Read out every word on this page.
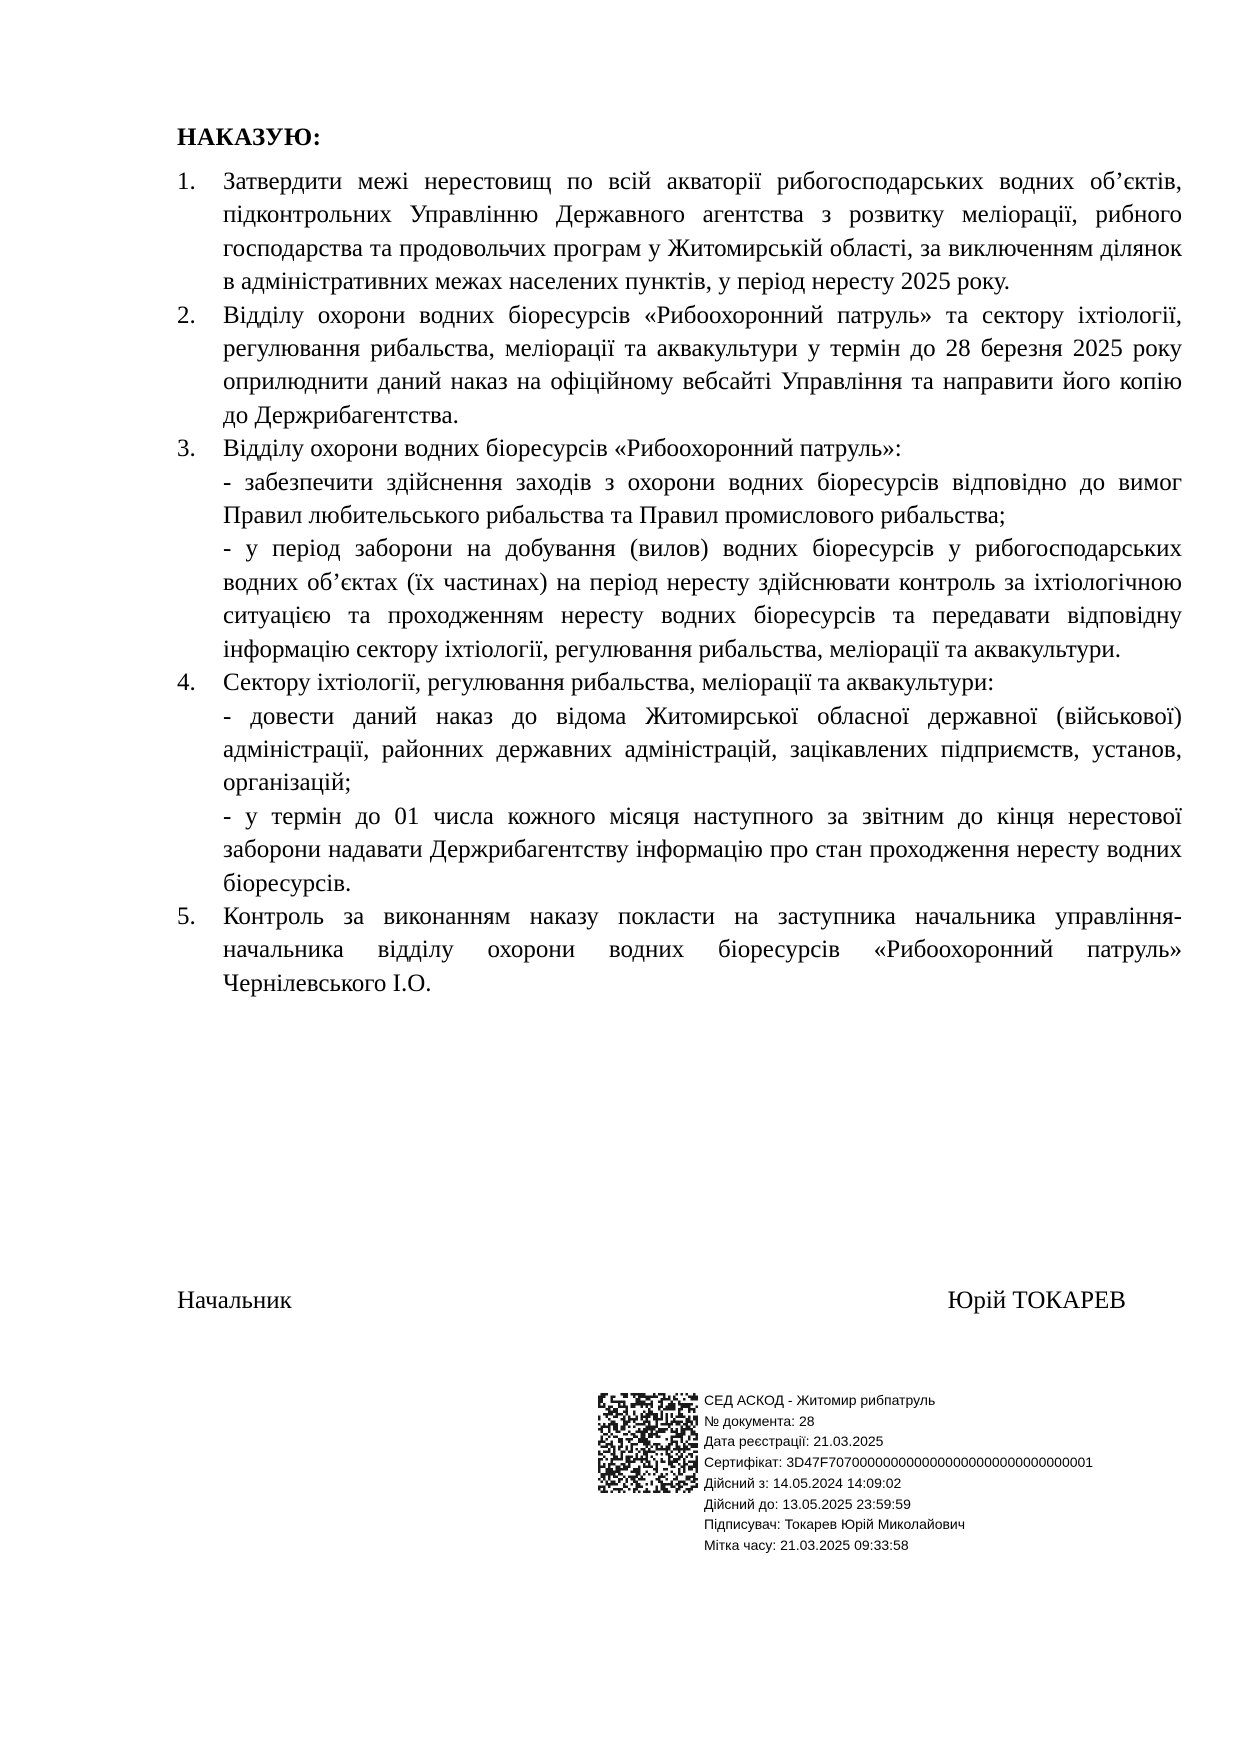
НАКАЗУЮ:
1. Затвердити межі нерестовищ по всій акваторії рибогосподарських водних об’єктів, підконтрольних Управлінню Державного агентства з розвитку меліорації, рибного господарства та продовольчих програм у Житомирській області, за виключенням ділянок в адміністративних межах населених пунктів, у період нересту 2025 року.
2. Відділу охорони водних біоресурсів «Рибоохоронний патруль» та сектору іхтіології, регулювання рибальства, меліорації та аквакультури у термін до 28 березня 2025 року оприлюднити даний наказ на офіційному вебсайті Управління та направити його копію до Держрибагентства.
3. Відділу охорони водних біоресурсів «Рибоохоронний патруль»:
- забезпечити здійснення заходів з охорони водних біоресурсів відповідно до вимог Правил любительського рибальства та Правил промислового рибальства;
- у період заборони на добування (вилов) водних біоресурсів у рибогосподарських водних об’єктах (їх частинах) на період нересту здійснювати контроль за іхтіологічною ситуацією та проходженням нересту водних біоресурсів та передавати відповідну інформацію сектору іхтіології, регулювання рибальства, меліорації та аквакультури.
4. Сектору іхтіології, регулювання рибальства, меліорації та аквакультури:
- довести даний наказ до відома Житомирської обласної державної (військової) адміністрації, районних державних адміністрацій, зацікавлених підприємств, установ, організацій;
- у термін до 01 числа кожного місяця наступного за звітним до кінця нерестової заборони надавати Держрибагентству інформацію про стан проходження нересту водних біоресурсів.
5. Контроль за виконанням наказу покласти на заступника начальника управління-начальника відділу охорони водних біоресурсів «Рибоохоронний патруль» Чернілевського І.О.
Начальник	Юрій ТОКАРЕВ
СЕД АСКОД - Житомир рибпатруль
№ документа: 28
Дата реєстрації: 21.03.2025
Сертифікат: 3D47F7070000000000000000000000000000001
Дійсний з: 14.05.2024 14:09:02
Дійсний до: 13.05.2025 23:59:59
Підписувач: Токарев Юрій Миколайович
Мітка часу: 21.03.2025 09:33:58
